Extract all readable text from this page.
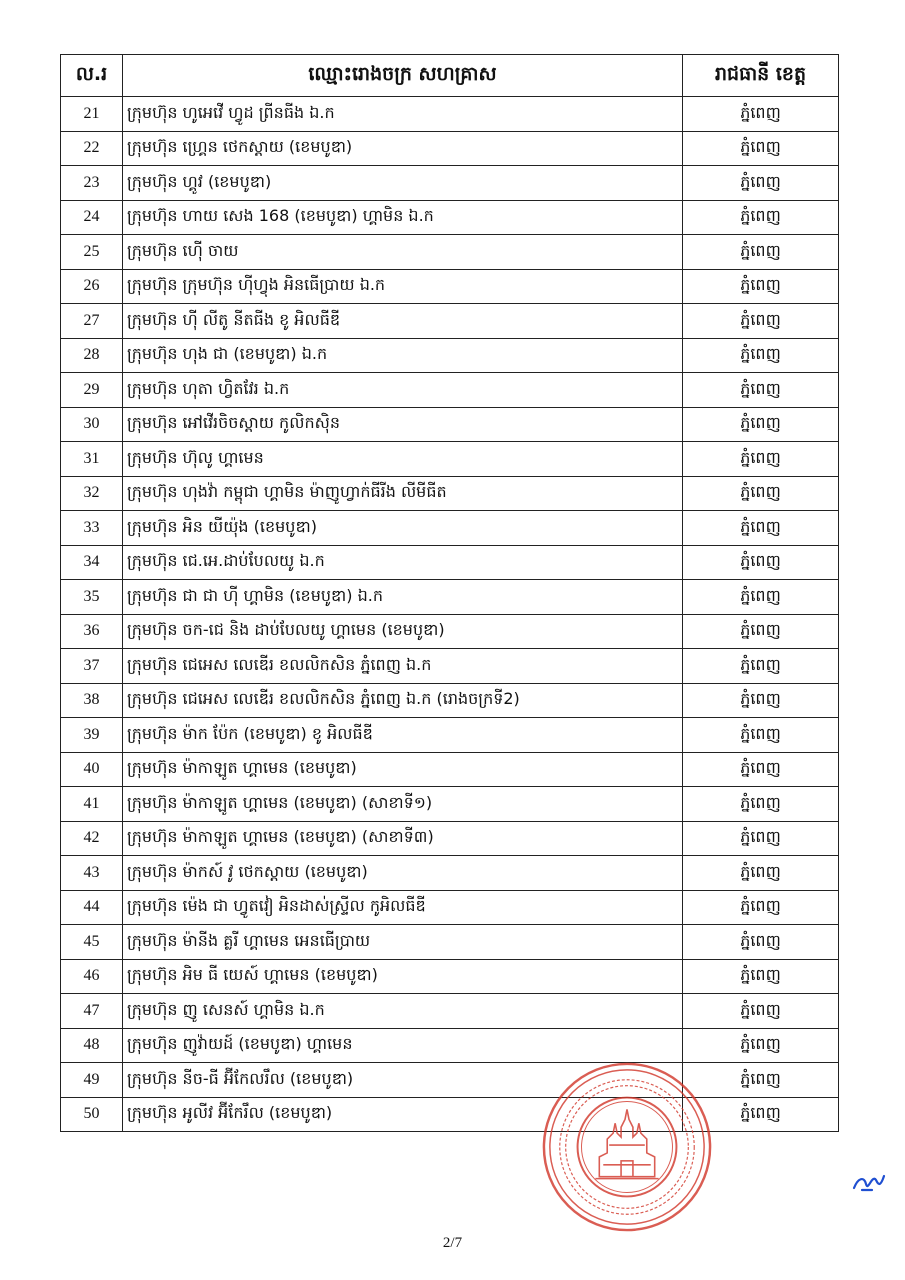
ល.រ	ឈ្មោះរោងចក្រ សហគ្រាស	រាជធានី ខេត្ត
21	ក្រុមហ៊ុន ហូអេវើ ហ្វូដ ព្រីនធីង ឯ.ក	ភ្នំពេញ
22	ក្រុមហ៊ុន ហ្គ្រេន ថេកស្តាយ (ខេមបូឌា)	ភ្នំពេញ
23	ក្រុមហ៊ុន ហ្គូវ (ខេមបូឌា)	ភ្នំពេញ
24	ក្រុមហ៊ុន ហាយ សេង 168 (ខេមបូឌា) ហ្គាមិន ឯ.ក	ភ្នំពេញ
25	ក្រុមហ៊ុន ហ៊ើ ចាយ	ភ្នំពេញ
26	ក្រុមហ៊ុន ក្រុមហ៊ុន ហ៊ីហ្វុង អិនធើប្រាយ ឯ.ក	ភ្នំពេញ
27	ក្រុមហ៊ុន ហ៊ី លីតូ នីតធីង ខូ អិលធីឌី	ភ្នំពេញ
28	ក្រុមហ៊ុន ហុង ជា (ខេមបូឌា) ឯ.ក	ភ្នំពេញ
29	ក្រុមហ៊ុន ហុតា ហ្វិតវែរ ឯ.ក	ភ្នំពេញ
30	ក្រុមហ៊ុន អៅវើរចិចស្តាយ កូលិកស៊ិន	ភ្នំពេញ
31	ក្រុមហ៊ុន ហ៊ុលូ ហ្គាមេន	ភ្នំពេញ
32	ក្រុមហ៊ុន ហុងវ៉ា កម្ពុជា ហ្គាមិន ម៉ាញូហ្វាក់ធីរីង លីមីធីត	ភ្នំពេញ
33	ក្រុមហ៊ុន អិន យីយ៉ុង (ខេមបូឌា)	ភ្នំពេញ
34	ក្រុមហ៊ុន ជេ.អេ.ដាប់បែលយូ ឯ.ក	ភ្នំពេញ
35	ក្រុមហ៊ុន ជា ជា ហ៊ី ហ្គាមិន (ខេមបូឌា) ឯ.ក	ភ្នំពេញ
36	ក្រុមហ៊ុន ចក-ជេ និង ដាប់បែលយូ ហ្គាមេន (ខេមបូឌា)	ភ្នំពេញ
37	ក្រុមហ៊ុន ជេអេស លេឌើរ ខលលិកសិន ភ្នំពេញ ឯ.ក	ភ្នំពេញ
38	ក្រុមហ៊ុន ជេអេស លេឌើរ ខលលិកសិន ភ្នំពេញ ឯ.ក (រោងចក្រទី2)	ភ្នំពេញ
39	ក្រុមហ៊ុន ម៉ាក ប៉ែក (ខេមបូឌា) ខូ អិលធីឌី	ភ្នំពេញ
40	ក្រុមហ៊ុន ម៉ាកាឡូត ហ្គាមេន (ខេមបូឌា)	ភ្នំពេញ
41	ក្រុមហ៊ុន ម៉ាកាឡូត ហ្គាមេន (ខេមបូឌា) (សាខាទី១)	ភ្នំពេញ
42	ក្រុមហ៊ុន ម៉ាកាឡូត ហ្គាមេន (ខេមបូឌា) (សាខាទី៣)	ភ្នំពេញ
43	ក្រុមហ៊ុន ម៉ាកស៍ វូ ថេកស្តាយ (ខេមបូឌា)	ភ្នំពេញ
44	ក្រុមហ៊ុន ម៉េង ជា ហ្វូតវៀ អិនដាស់ស្ទ្រីល កូអិលធីឌី	ភ្នំពេញ
45	ក្រុមហ៊ុន ម៉ានីង គ្លរី ហ្គាមេន អេនធើប្រាយ	ភ្នំពេញ
46	ក្រុមហ៊ុន អិម ធី យេស៍ ហ្គាមេន (ខេមបូឌា)	ភ្នំពេញ
47	ក្រុមហ៊ុន ញូ សេនស៍ ហ្គាមិន ឯ.ក	ភ្នំពេញ
48	ក្រុមហ៊ុន ញូវ៉ាយដ៍ (ខេមបូឌា) ហ្គាមេន	ភ្នំពេញ
49	ក្រុមហ៊ុន នីច-ធី អ៊ីកែលរឹល (ខេមបូឌា)	ភ្នំពេញ
50	ក្រុមហ៊ុន អូលីវ អ៊ីកែរឹល (ខេមបូឌា)	ភ្នំពេញ
2/7
